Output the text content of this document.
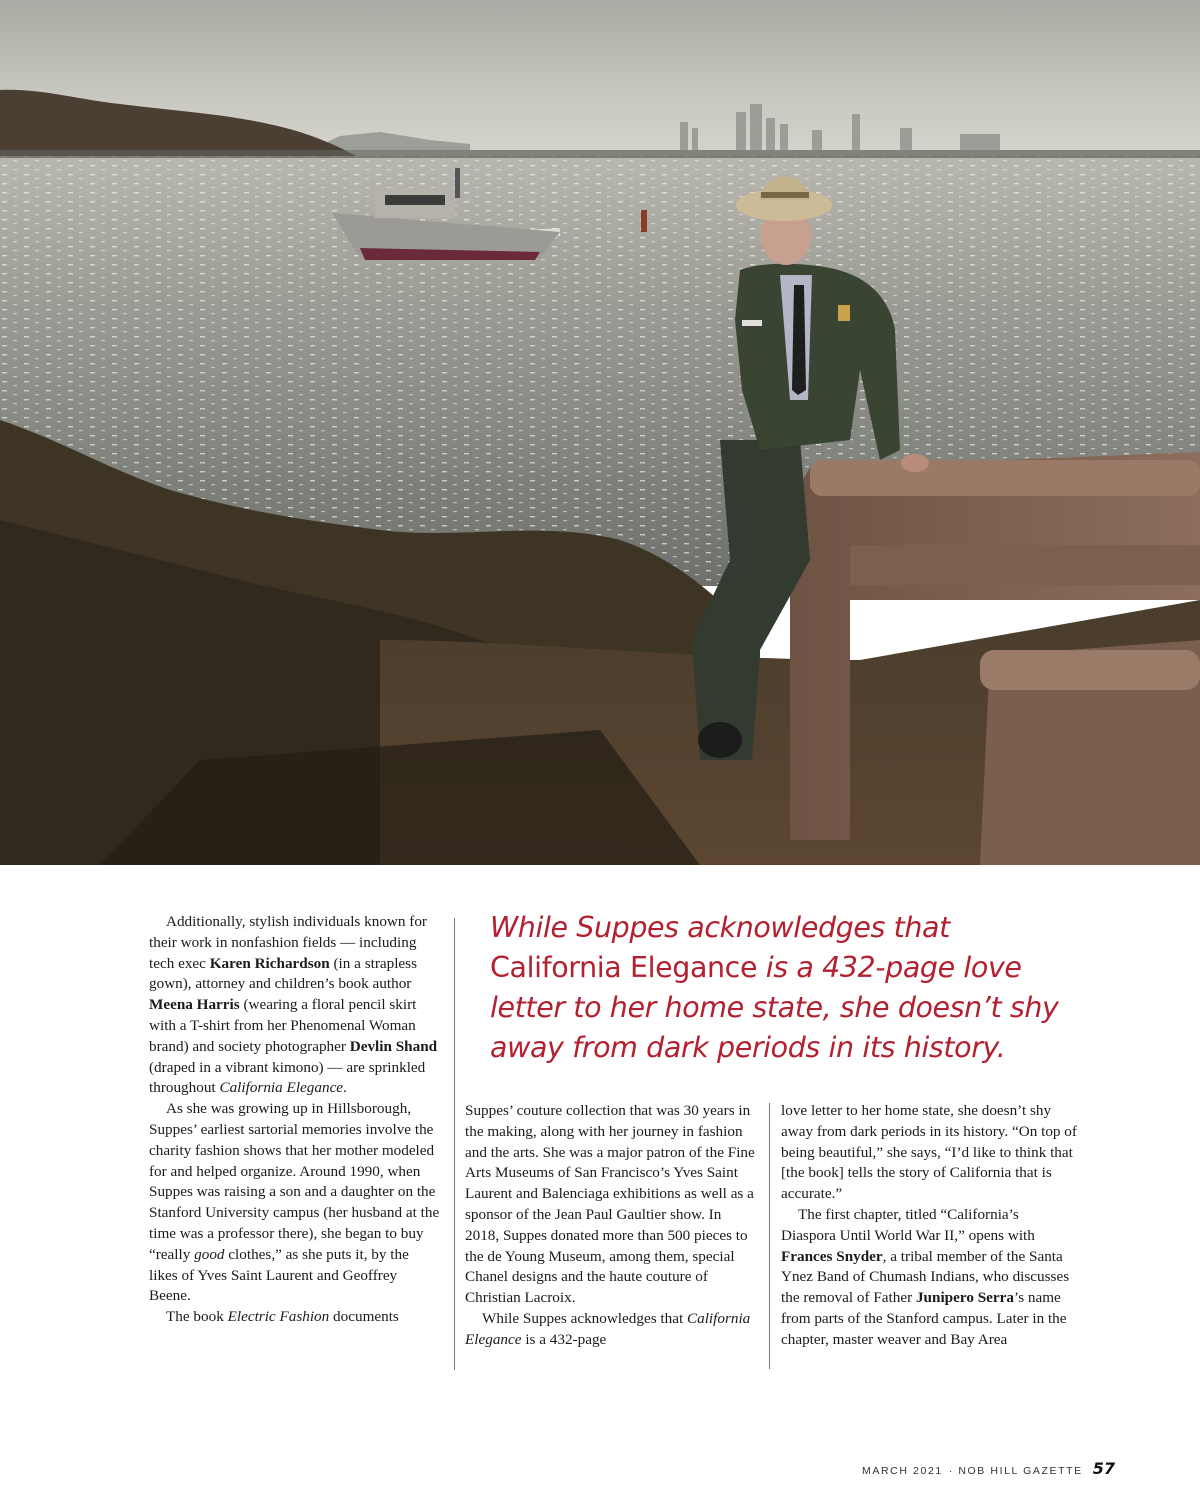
Additionally, stylish individuals known for their work in nonfashion fields — including tech exec Karen Richardson (in a strapless gown), attorney and children’s book author Meena Harris (wearing a floral pencil skirt with a T-shirt from her Phenomenal Woman brand) and society photographer Devlin Shand (draped in a vibrant kimono) — are sprinkled throughout California Elegance.

As she was growing up in Hillsborough, Suppes’ earliest sartorial memories involve the charity fashion shows that her mother modeled for and helped organize. Around 1990, when Suppes was raising a son and a daughter on the Stanford University campus (her husband at the time was a professor there), she began to buy “really good clothes,” as she puts it, by the likes of Yves Saint Laurent and Geoffrey Beene.

The book Electric Fashion documents

While Suppes acknowledges that
California Elegance is a 432-page love letter to her home state, she doesn’t shy away from dark periods in its history.

Suppes’ couture collection that was 30 years in the making, along with her journey in fashion and the arts. She was a major patron of the Fine Arts Museums of San Francisco’s Yves Saint Laurent and Balenciaga exhibitions as well as a sponsor of the Jean Paul Gaultier show. In 2018, Suppes donated more than 500 pieces to the de Young Museum, among them, special Chanel designs and the haute couture of Christian Lacroix.

While Suppes acknowledges that California Elegance is a 432-page

love letter to her home state, she doesn’t shy away from dark periods in its history. “On top of being beautiful,” she says, “I’d like to think that [the book] tells the story of California that is accurate.”

The first chapter, titled “California’s Diaspora Until World War II,” opens with Frances Snyder, a tribal member of the Santa Ynez Band of Chumash Indians, who discusses the removal of Father Junipero Serra’s name from parts of the Stanford campus. Later in the chapter, master weaver and Bay Area

MARCH 2021 · NOB HILL GAZETTE 57
